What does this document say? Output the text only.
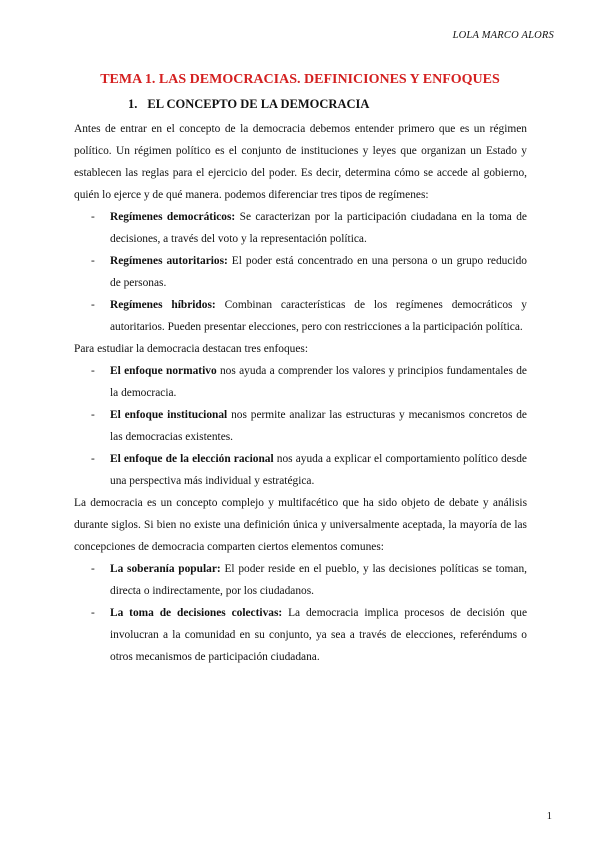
LOLA MARCO ALORS
TEMA 1. LAS DEMOCRACIAS. DEFINICIONES Y ENFOQUES
1. EL CONCEPTO DE LA DEMOCRACIA

Antes de entrar en el concepto de la democracia debemos entender primero que es un régimen político. Un régimen político es el conjunto de instituciones y leyes que organizan un Estado y establecen las reglas para el ejercicio del poder. Es decir, determina cómo se accede al gobierno, quién lo ejerce y de qué manera. podemos diferenciar tres tipos de regímenes:

- Regímenes democráticos: Se caracterizan por la participación ciudadana en la toma de decisiones, a través del voto y la representación política.
- Regímenes autoritarios: El poder está concentrado en una persona o un grupo reducido de personas.
- Regímenes híbridos: Combinan características de los regímenes democráticos y autoritarios. Pueden presentar elecciones, pero con restricciones a la participación política.

Para estudiar la democracia destacan tres enfoques:

- El enfoque normativo nos ayuda a comprender los valores y principios fundamentales de la democracia.
- El enfoque institucional nos permite analizar las estructuras y mecanismos concretos de las democracias existentes.
- El enfoque de la elección racional nos ayuda a explicar el comportamiento político desde una perspectiva más individual y estratégica.

La democracia es un concepto complejo y multifacético que ha sido objeto de debate y análisis durante siglos. Si bien no existe una definición única y universalmente aceptada, la mayoría de las concepciones de democracia comparten ciertos elementos comunes:

- La soberanía popular: El poder reside en el pueblo, y las decisiones políticas se toman, directa o indirectamente, por los ciudadanos.
- La toma de decisiones colectivas: La democracia implica procesos de decisión que involucran a la comunidad en su conjunto, ya sea a través de elecciones, referéndums o otros mecanismos de participación ciudadana.
1
